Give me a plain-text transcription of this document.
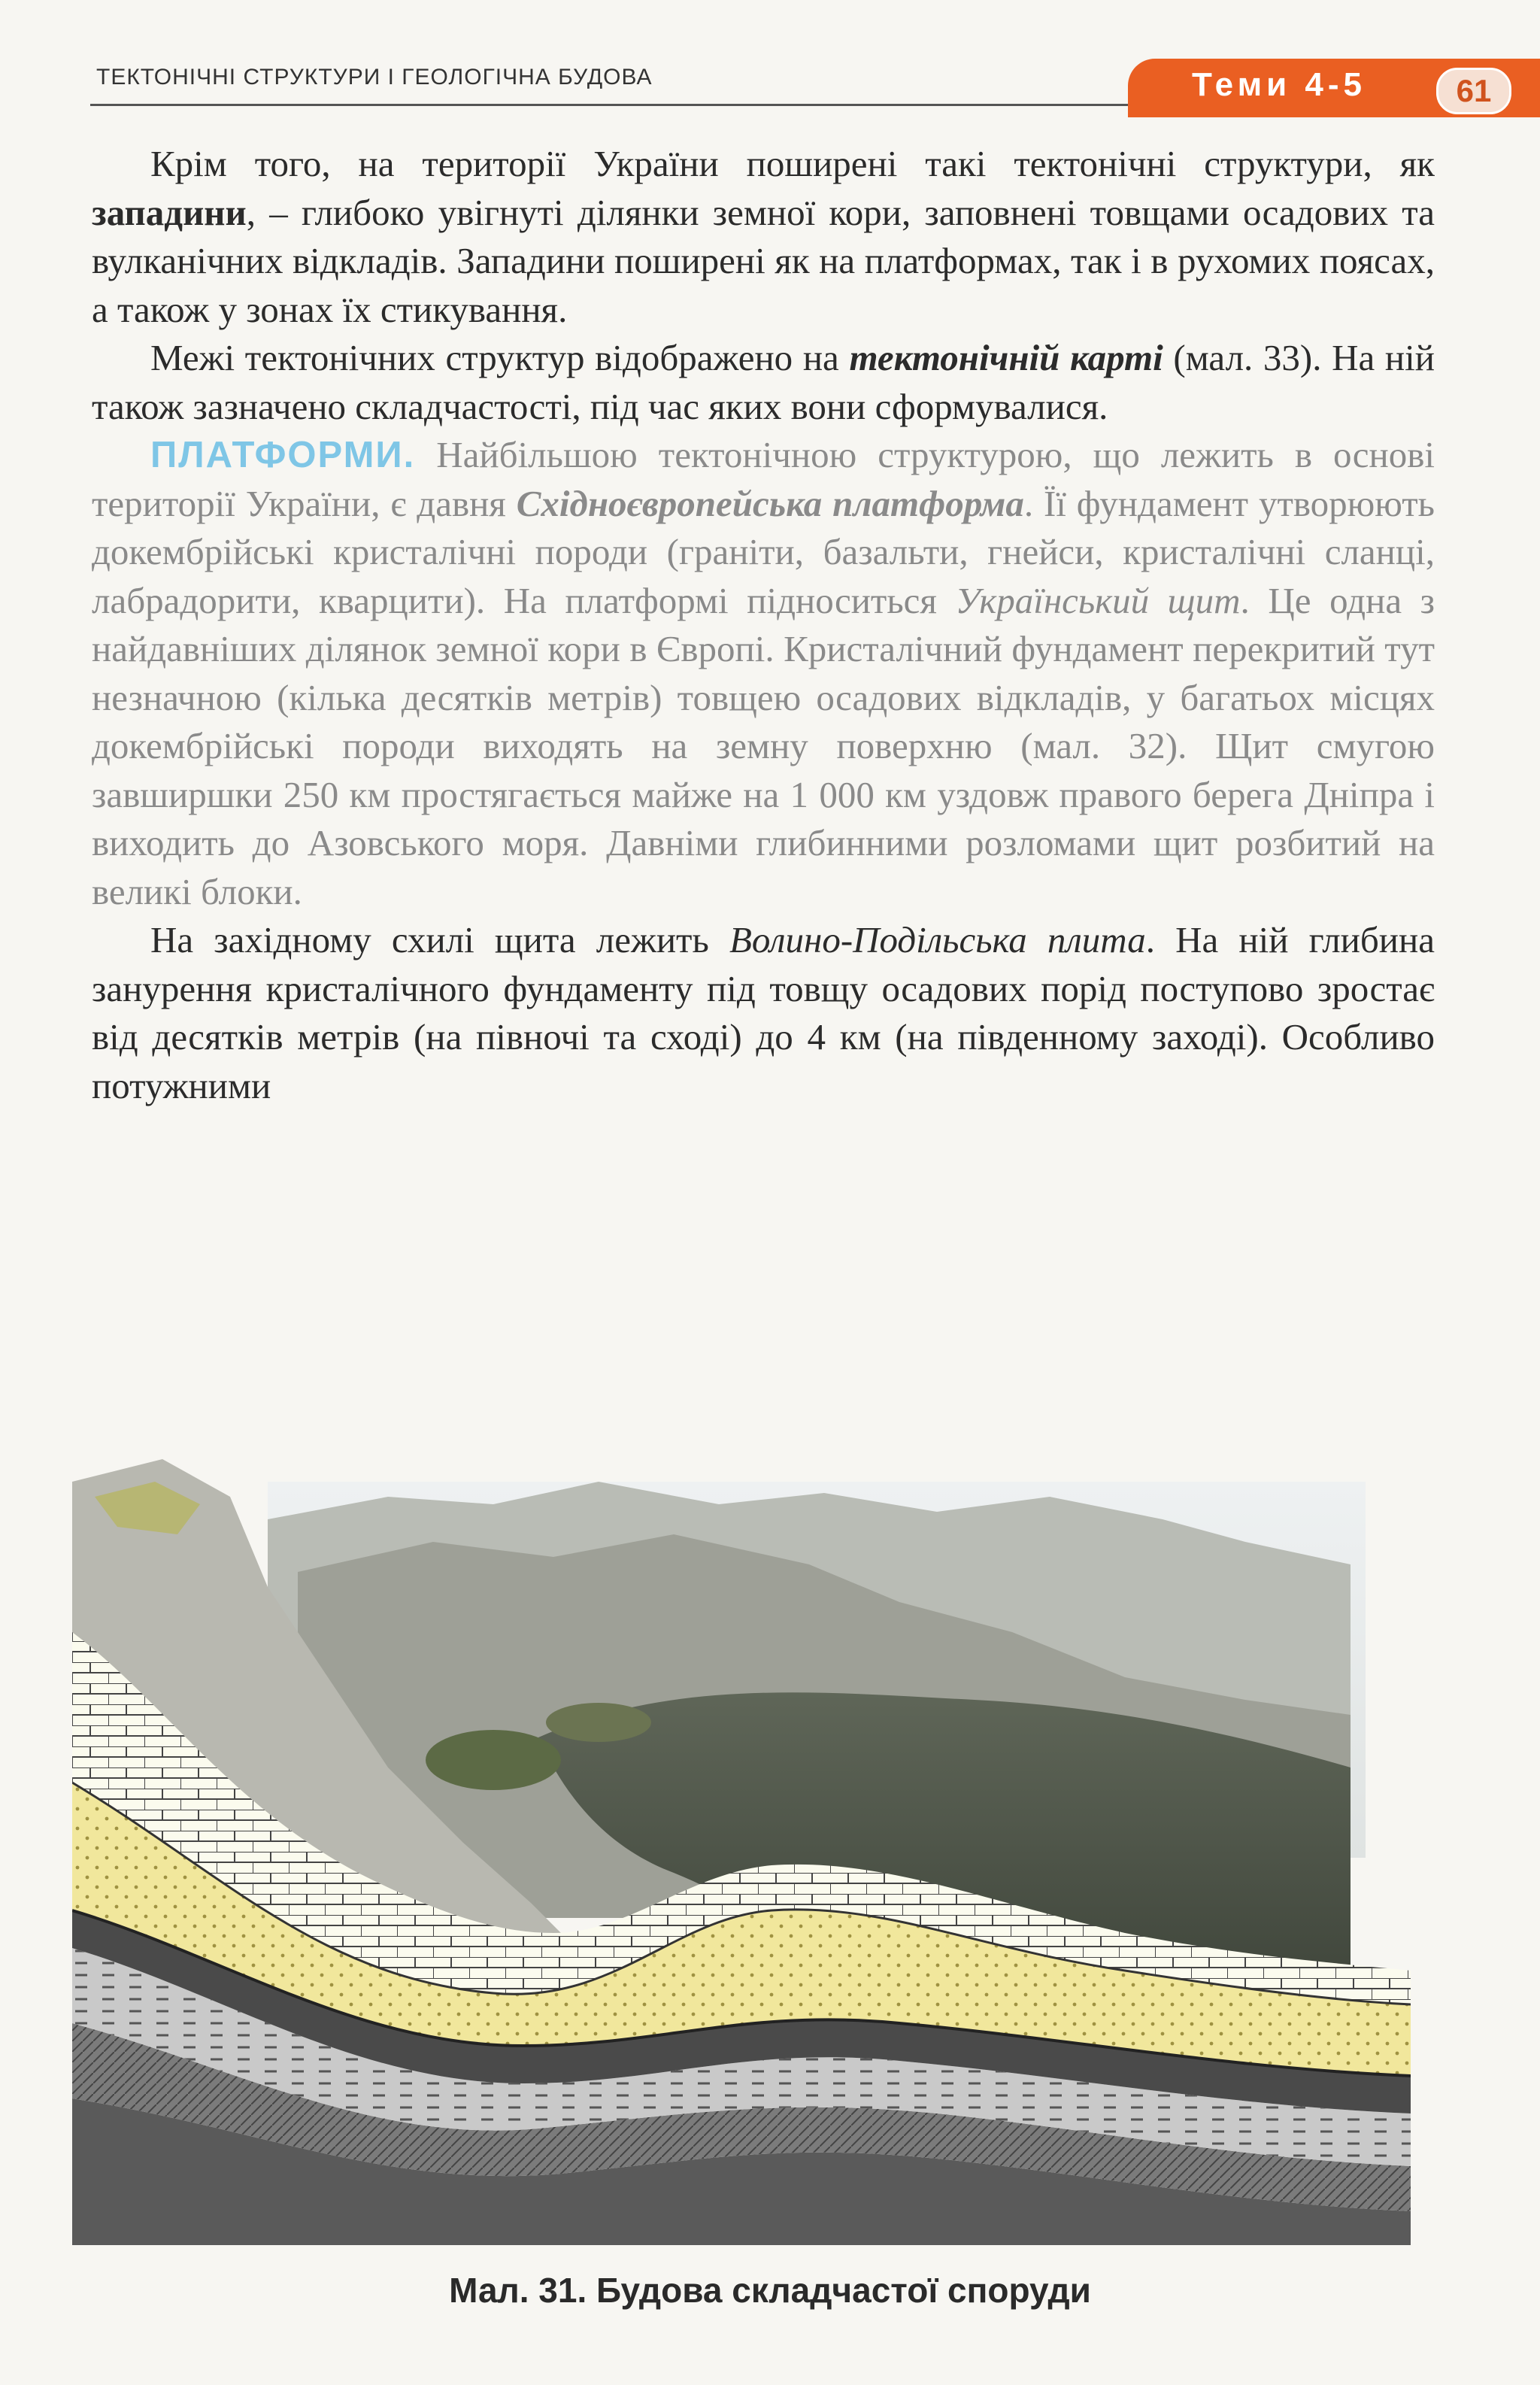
ТЕКТОНІЧНІ СТРУКТУРИ І ГЕОЛОГІЧНА БУДОВА	Теми 4-5	61

Крім того, на території України поширені такі тектонічні структури, як западини, – глибоко увігнуті ділянки земної кори, заповнені товщами осадових та вулканічних відкладів. Западини поширені як на платформах, так і в рухомих поясах, а також у зонах їх стикування.

Межі тектонічних структур відображено на тектонічній карті (мал. 33). На ній також зазначено складчастості, під час яких вони сформувалися.

ПЛАТФОРМИ. Найбільшою тектонічною структурою, що лежить в основі території України, є давня Східноєвропейська платформа. Її фундамент утворюють докембрійські кристалічні породи (граніти, базальти, гнейси, кристалічні сланці, лабрадорити, кварцити). На платформі підноситься Український щит. Це одна з найдавніших ділянок земної кори в Європі. Кристалічний фундамент перекритий тут незначною (кілька десятків метрів) товщею осадових відкладів, у багатьох місцях докембрійські породи виходять на земну поверхню (мал. 32). Щит смугою завширшки 250 км простягається майже на 1 000 км уздовж правого берега Дніпра і виходить до Азовського моря. Давніми глибинними розломами щит розбитий на великі блоки.

На західному схилі щита лежить Волино-Подільська плита. На ній глибина занурення кристалічного фундаменту під товщу осадових порід поступово зростає від десятків метрів (на півночі та сході) до 4 км (на південному заході). Особливо потужними

Мал. 31. Будова складчастої споруди
